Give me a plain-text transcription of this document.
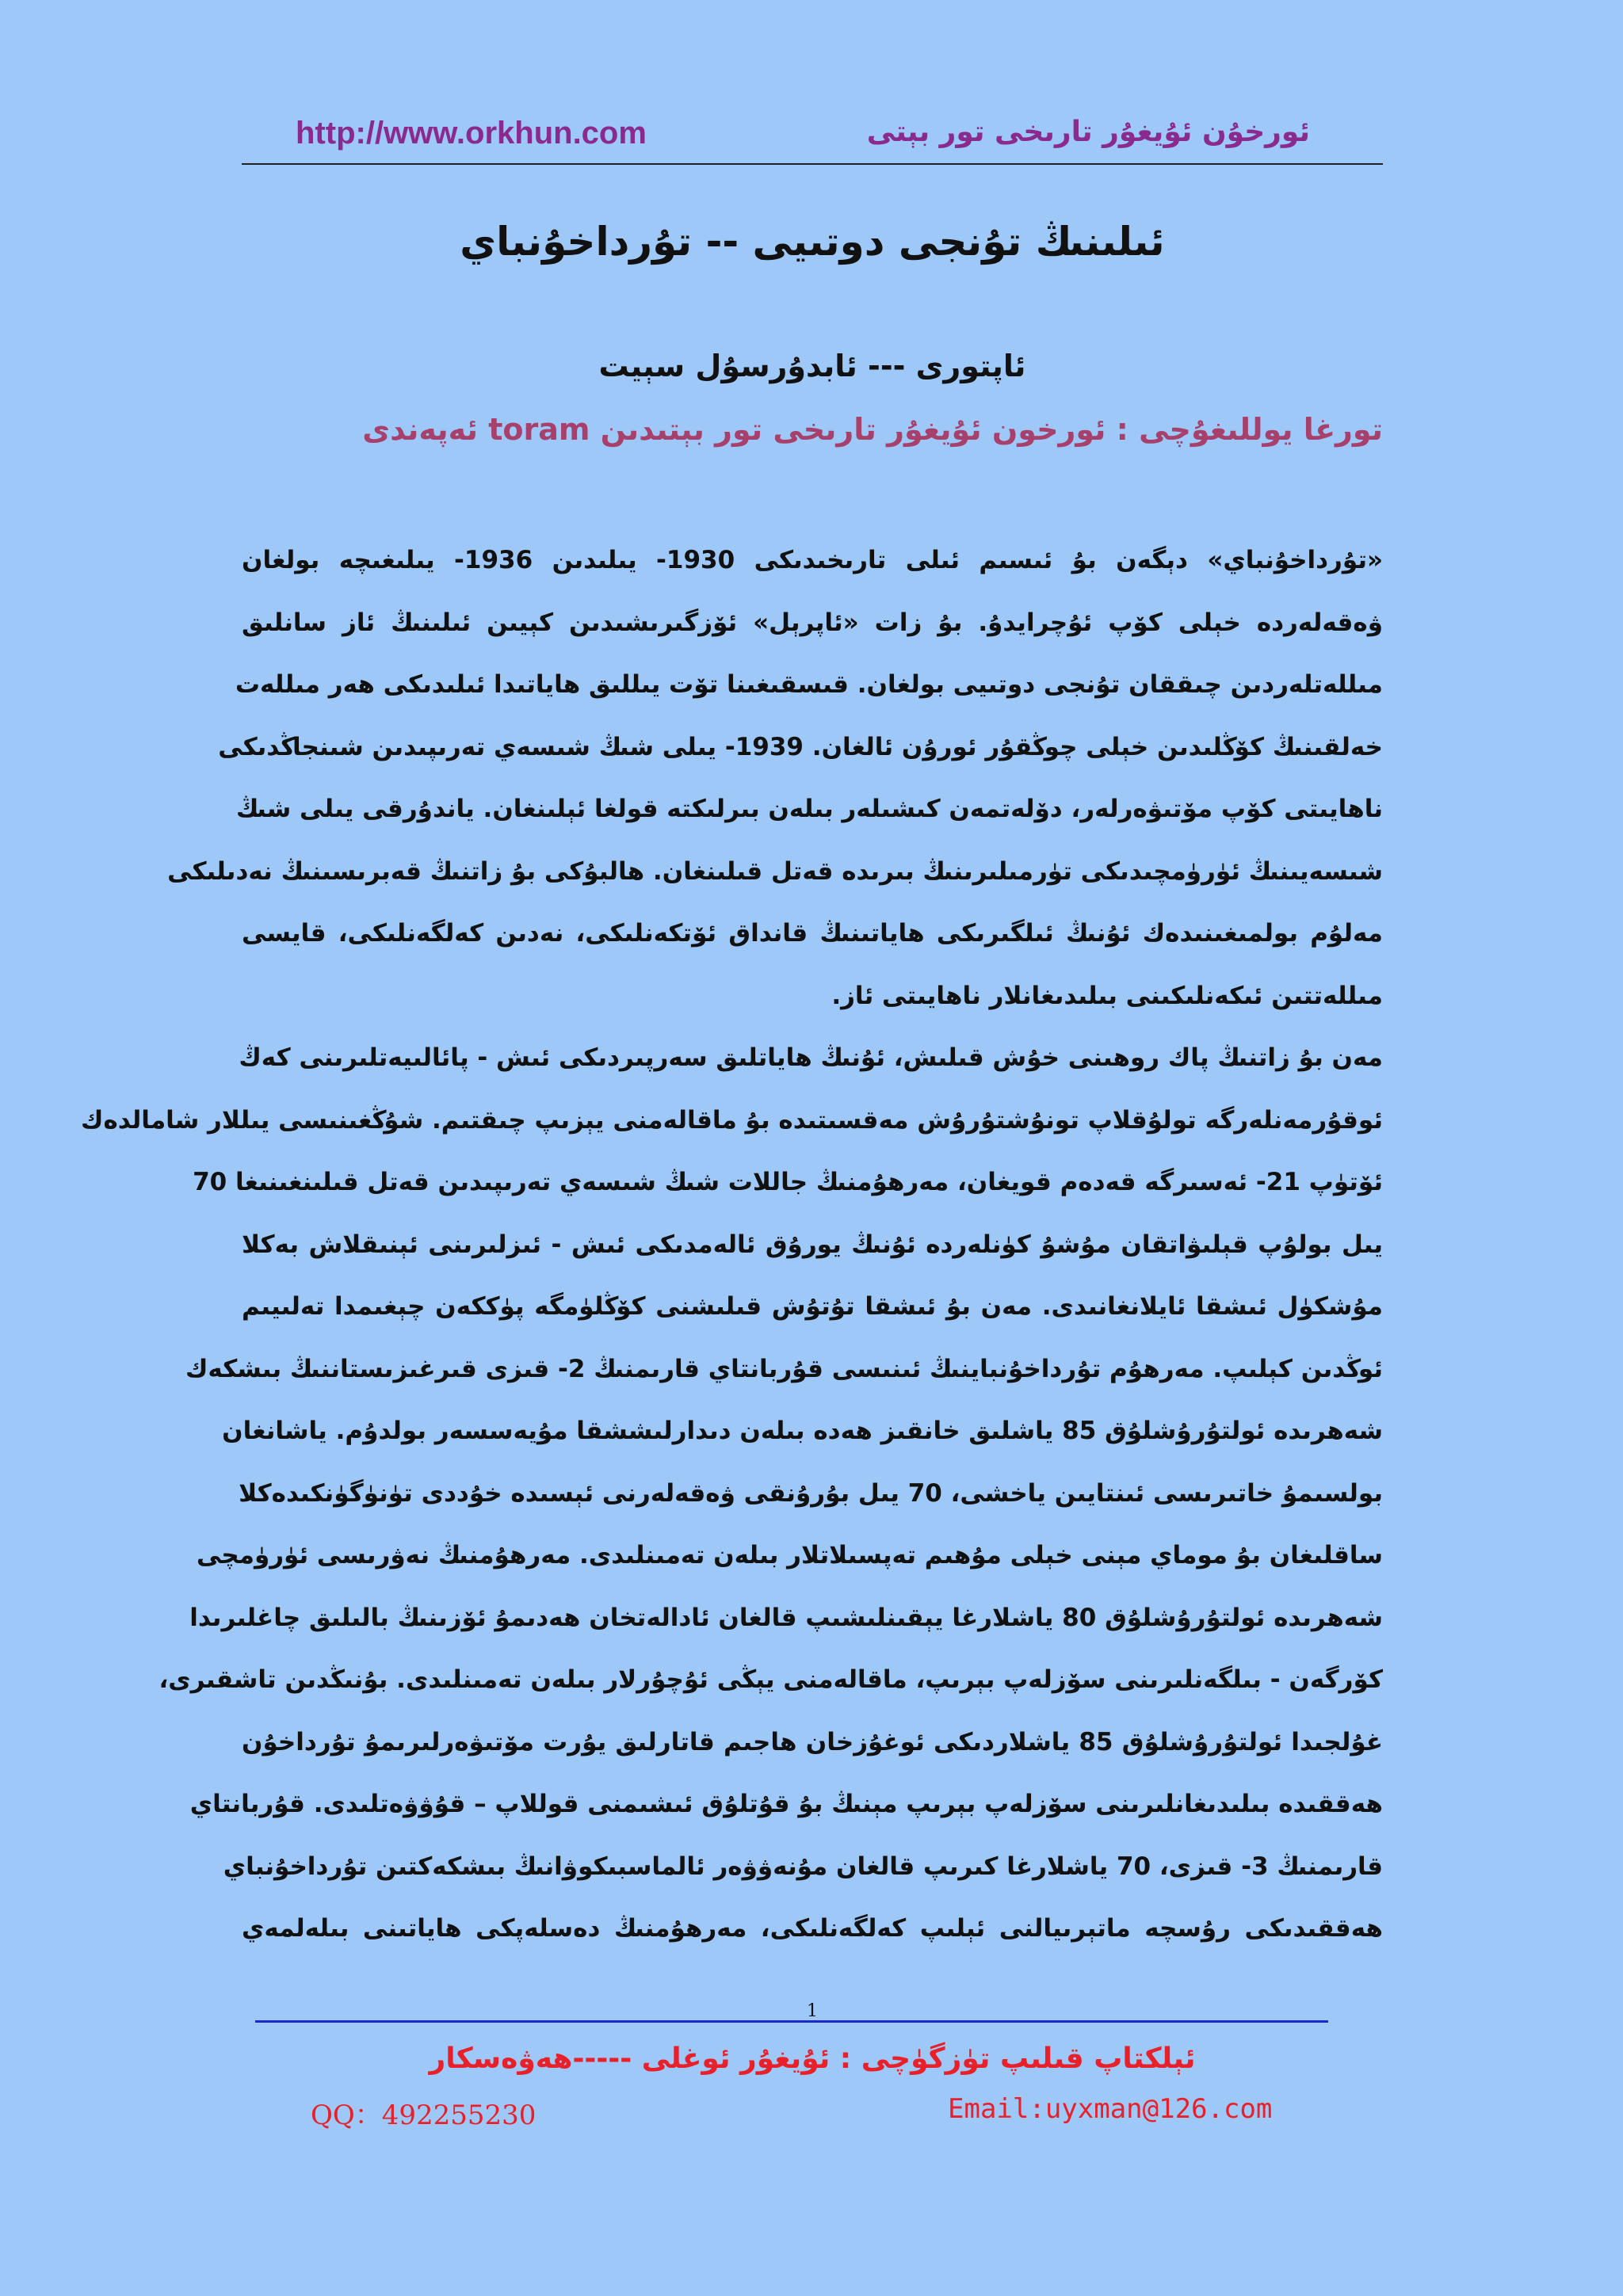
http://www.orkhun.com	ئورخۇن ئۇيغۇر تارىخى تور بېتى
ئىلىنىڭ تۇنجى دوتىيى -- تۇرداخۇنباي
ئاپتورى --- ئابدۇرسۇل سېيت
تورغا يوللىغۇچى : ئورخون ئۇيغۇر تارىخى تور بېتىدىن toram ئەپەندى
«تۇرداخۇنباي» دېگەن بۇ ئىسىم ئىلى تارىخىدىكى 1930- يىلىدىن 1936- يىلىغىچە بولغان
ۋەقەلەردە خېلى كۆپ ئۇچرايدۇ. بۇ زات «ئاپرېل» ئۆزگىرىشىدىن كېيىن ئىلىنىڭ ئاز سانلىق
مىللەتلەردىن چىققان تۇنجى دوتىيى بولغان. قىسقىغىنا تۆت يىللىق ھاياتىدا ئىلىدىكى ھەر مىللەت
خەلقىنىڭ كۆڭلىدىن خېلى چوڭقۇر ئورۇن ئالغان. 1939- يىلى شىڭ شىسەي تەرىپىدىن شىنجاڭدىكى
ناھايىتى كۆپ مۆتىۋەرلەر، دۆلەتمەن كىشىلەر بىلەن بىرلىكتە قولغا ئېلىنغان. ياندۇرقى يىلى شىڭ
شىسەيىنىڭ ئۈرۈمچىدىكى تۈرمىلىرىنىڭ بىرىدە قەتل قىلىنغان. ھالبۇكى بۇ زاتنىڭ قەبرىسىنىڭ نەدىلىكى
مەلۇم بولمىغىنىدەك ئۇنىڭ ئىلگىرىكى ھاياتىنىڭ قانداق ئۆتكەنلىكى، نەدىن كەلگەنلىكى، قايسى
مىللەتتىن ئىكەنلىكىنى بىلىدىغانلار ناھايىتى ئاز.
مەن بۇ زاتنىڭ پاك روھىنى خۇش قىلىش، ئۇنىڭ ھاياتلىق سەرپىردىكى ئىش - پائالىيەتلىرىنى كەڭ
ئوقۇرمەنلەرگە تولۇقلاپ تونۇشتۇرۇش مەقسىتىدە بۇ ماقالەمنى يېزىپ چىقتىم. شۇڭغىنىسى يىللار شامالدەك
ئۆتۈپ 21- ئەسىرگە قەدەم قويغان، مەرھۇمنىڭ جاللات شىڭ شىسەي تەرىپىدىن قەتل قىلىنغىنىغا 70
يىل بولۇپ قېلىۋاتقان مۇشۇ كۈنلەردە ئۇنىڭ يورۇق ئالەمدىكى ئىش - ئىزلىرىنى ئېنىقلاش بەكلا
مۇشكۈل ئىشقا ئايلانغانىدى. مەن بۇ ئىشقا تۇتۇش قىلىشنى كۆڭلۈمگە پۈككەن چېغىمدا تەلىيىم
ئوڭدىن كېلىپ. مەرھۇم تۇرداخۇنباينىڭ ئىنىسى قۇربانتاي قارىمنىڭ 2- قىزى قىرغىزىستاننىڭ بىشكەك
شەھرىدە ئولتۇرۇشلۇق 85 ياشلىق خانقىز ھەدە بىلەن دىدارلىششقا مۇيەسسەر بولدۇم. ياشانغان
بولسىمۇ خاتىرىسى ئىنتايىن ياخشى، 70 يىل بۇرۇنقى ۋەقەلەرنى ئېسىدە خۇددى تۈنۈگۈنكىدەكلا
ساقلىغان بۇ موماي مېنى خېلى مۇھىم تەپسىلاتلار بىلەن تەمىنلىدى. مەرھۇمنىڭ نەۋرىسى ئۈرۈمچى
شەھرىدە ئولتۇرۇشلۇق 80 ياشلارغا يېقىنلىشىپ قالغان ئادالەتخان ھەدىمۇ ئۆزىنىڭ بالىلىق چاغلىرىدا
كۆرگەن - بىلگەنلىرىنى سۆزلەپ بېرىپ، ماقالەمنى يېڭى ئۇچۇرلار بىلەن تەمىنلىدى. بۇنىڭدىن تاشقىرى،
غۇلجىدا ئولتۇرۇشلۇق 85 ياشلاردىكى ئوغۇزخان ھاجىم قاتارلىق يۇرت مۆتىۋەرلىرىمۇ تۇرداخۇن
ھەققىدە بىلىدىغانلىرىنى سۆزلەپ بېرىپ مېنىڭ بۇ قۇتلۇق ئىشىمنى قوللاپ – قۇۋۋەتلىدى. قۇربانتاي
قارىمنىڭ 3- قىزى، 70 ياشلارغا كىرىپ قالغان مۇنەۋۋەر ئالماسبىكوۋانىڭ بىشكەكتىن تۇرداخۇنباي
ھەققىدىكى رۇسچە ماتېرىيالنى ئېلىپ كەلگەنلىكى، مەرھۇمنىڭ دەسلەپكى ھاياتىنى بىلەلمەي
1
ئېلكتاپ قىلىپ تۈزگۈچى : ئۇيغۇر ئوغلى -----ھەۋەسكار
QQ：492255230	Email:uyxman@126.com
